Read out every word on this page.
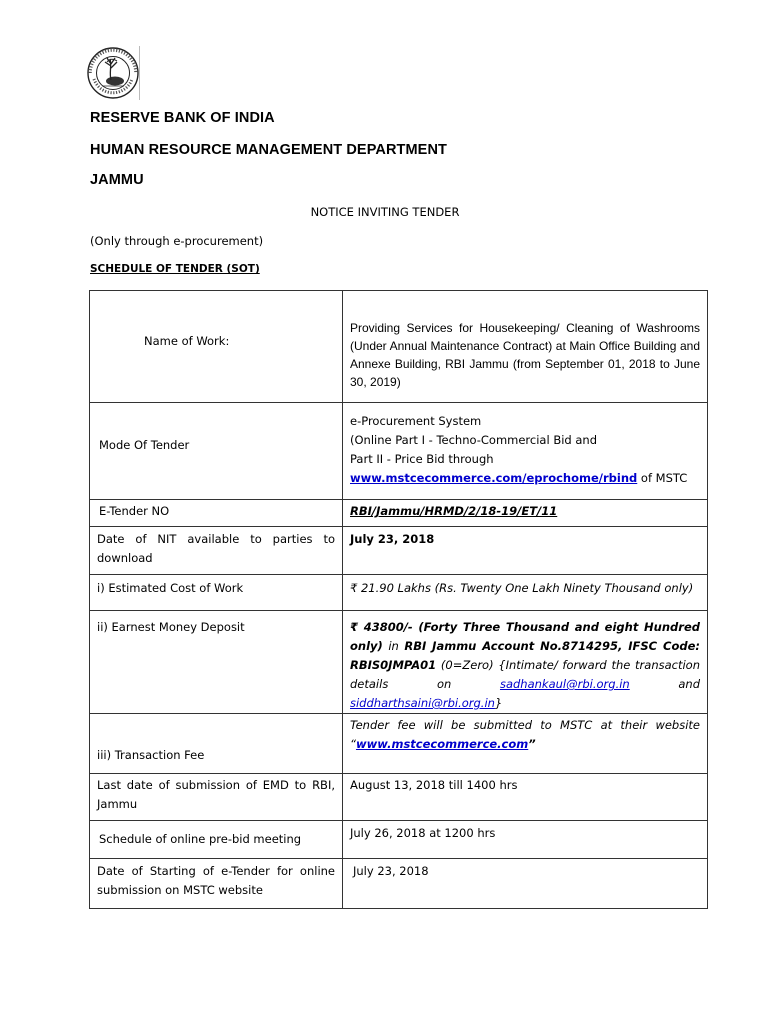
RESERVE BANK OF INDIA
HUMAN RESOURCE MANAGEMENT DEPARTMENT
JAMMU
NOTICE INVITING TENDER
(Only through e-procurement)
SCHEDULE OF TENDER (SOT)
Name of Work:	Providing Services for Housekeeping/ Cleaning of Washrooms (Under Annual Maintenance Contract) at Main Office Building and Annexe Building, RBI Jammu (from September 01, 2018 to June 30, 2019)

Mode Of Tender	e-Procurement System
(Online Part I - Techno-Commercial Bid and
Part II - Price Bid through
www.mstcecommerce.com/eprochome/rbind of MSTC

E-Tender NO	RBI/Jammu/HRMD/2/18-19/ET/11
Date of NIT available to parties to download	July 23, 2018
i) Estimated Cost of Work	₹ 21.90 Lakhs (Rs. Twenty One Lakh Ninety Thousand only)
ii) Earnest Money Deposit	₹ 43800/- (Forty Three Thousand and eight Hundred only) in RBI Jammu Account No.8714295, IFSC Code: RBIS0JMPA01 (0=Zero) {Intimate/ forward the transaction details on sadhankaul@rbi.org.in and siddharthsaini@rbi.org.in}
iii) Transaction Fee	Tender fee will be submitted to MSTC at their website “www.mstcecommerce.com”
Last date of submission of EMD to RBI, Jammu	August 13, 2018 till 1400 hrs
Schedule of online pre-bid meeting	July 26, 2018 at 1200 hrs
Date of Starting of e-Tender for online submission on MSTC website	July 23, 2018
